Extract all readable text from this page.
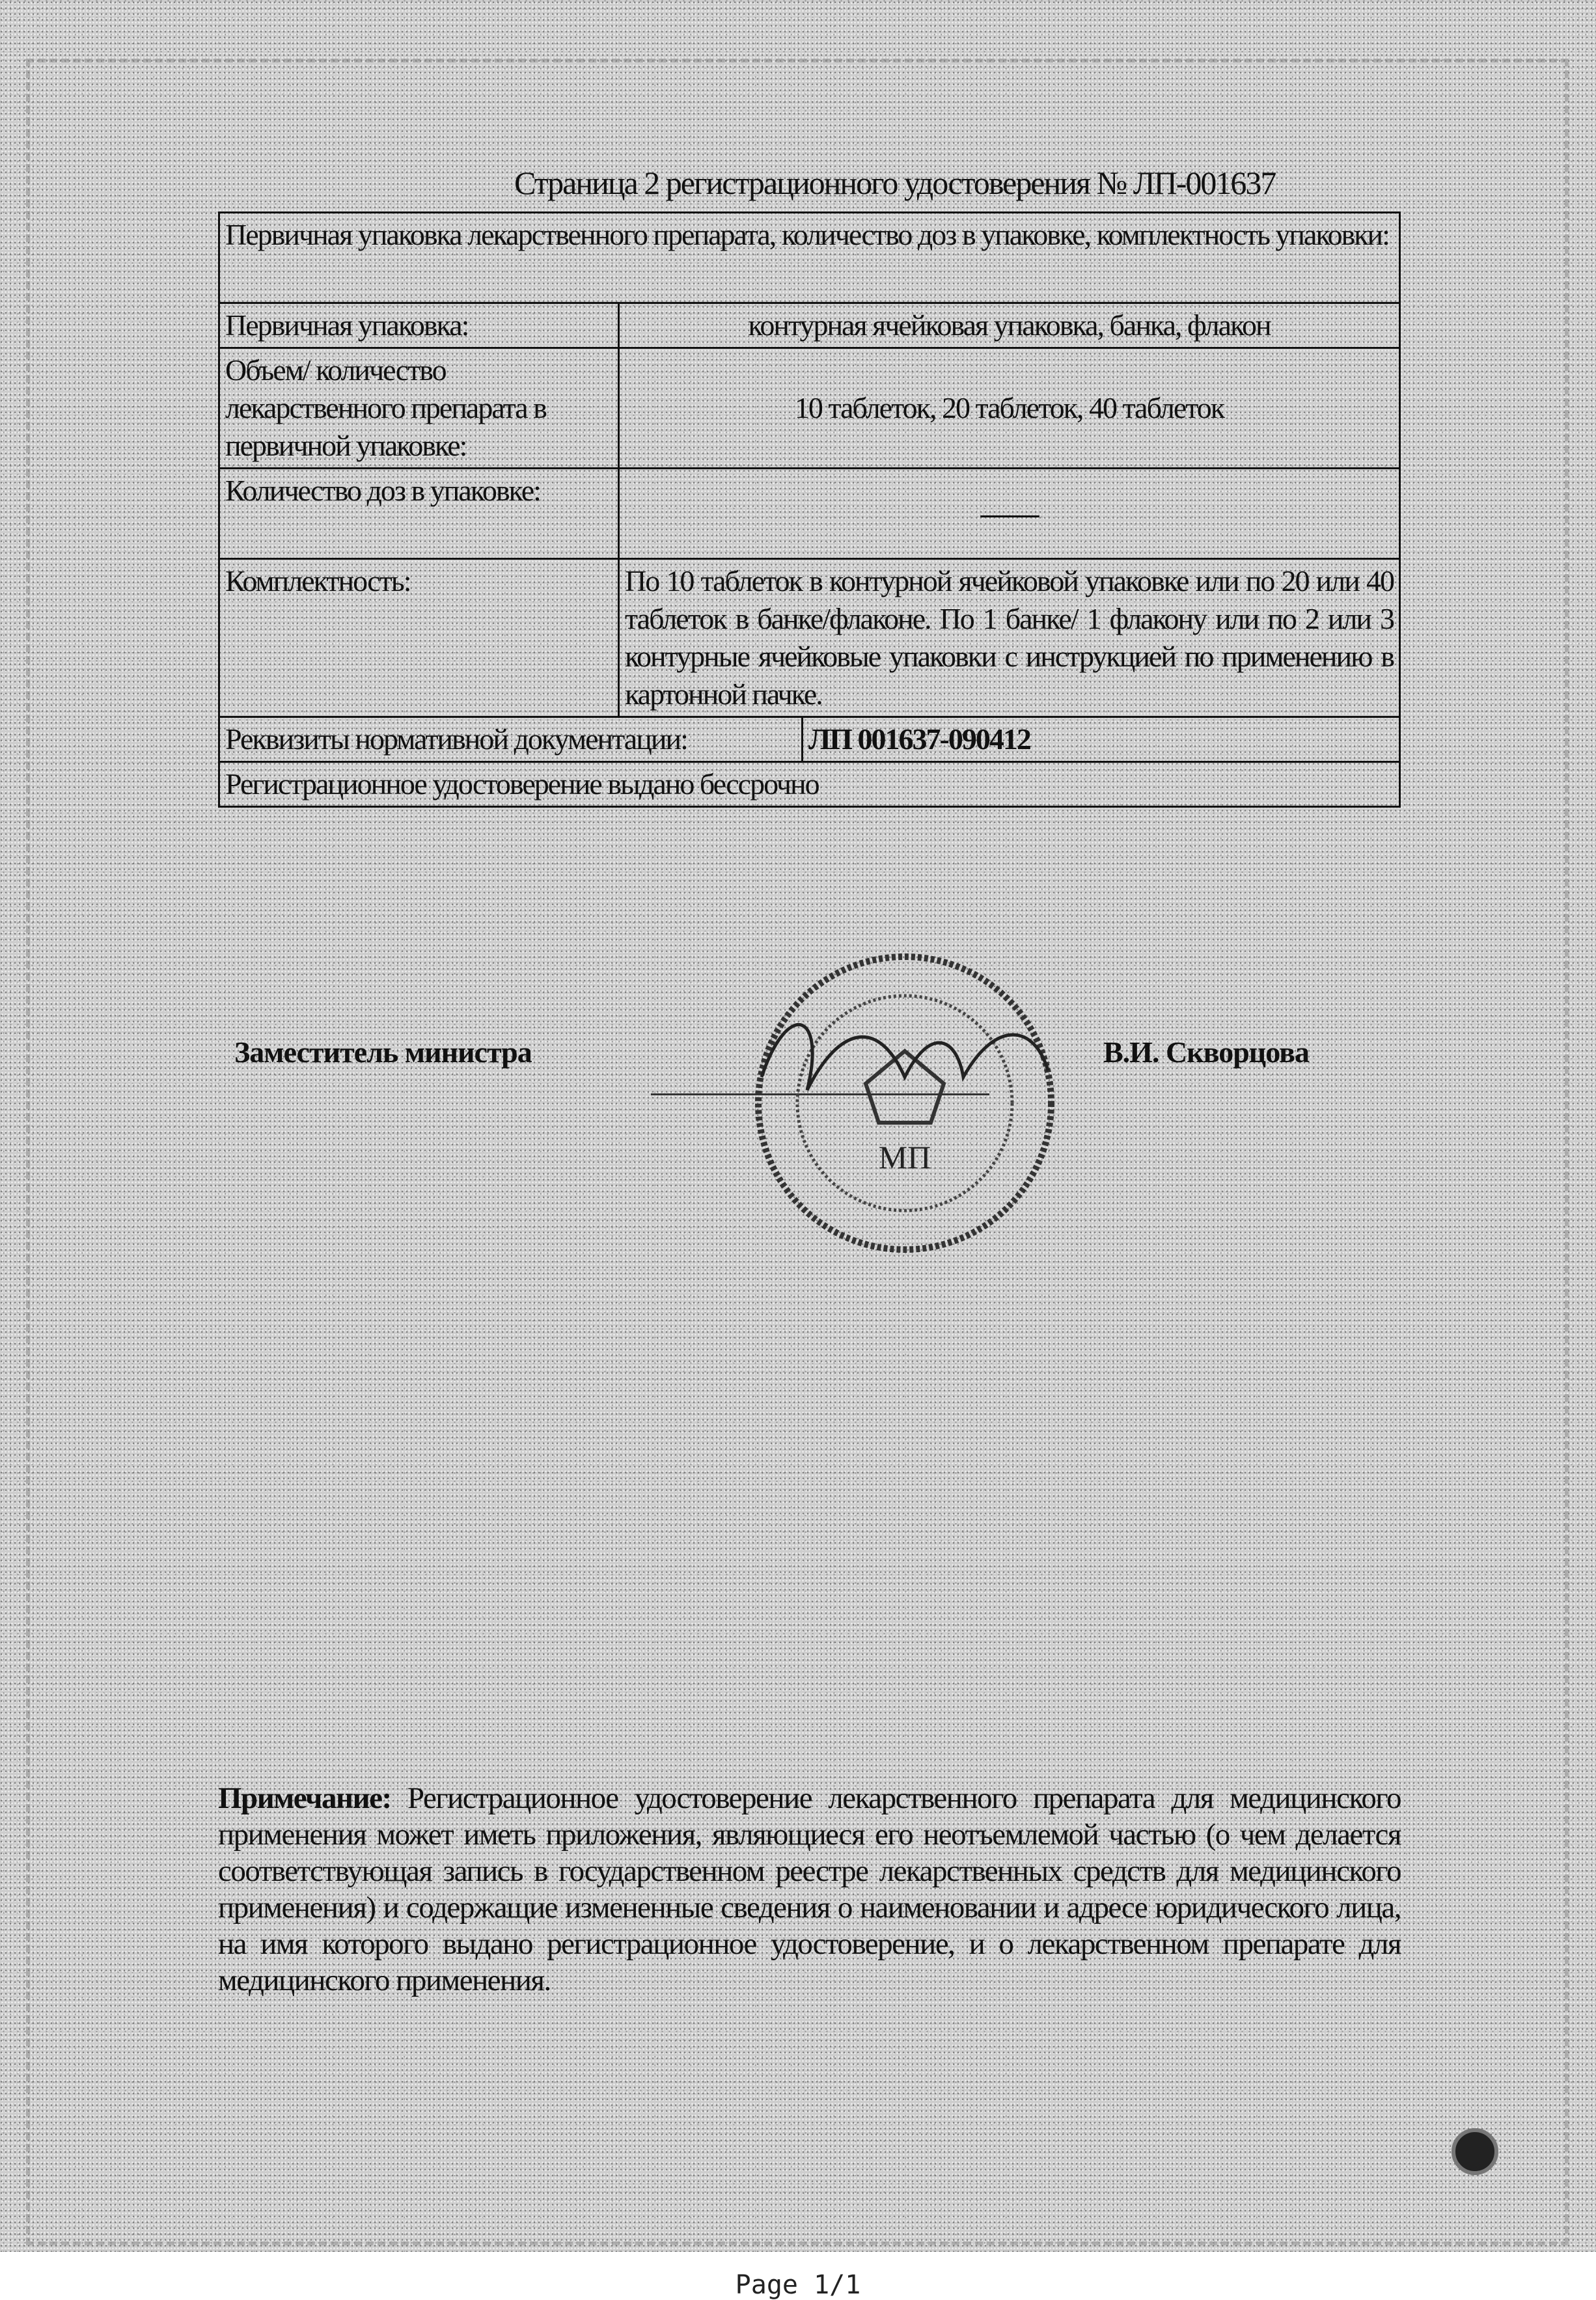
Страница 2 регистрационного удостоверения № ЛП-001637
Первичная упаковка лекарственного препарата, количество доз в упаковке, комплектность упаковки:		
Первичная упаковка:	контурная ячейковая упаковка, банка, флакон	
Объем/ количество лекарственного препарата в первичной упаковке:	10 таблеток, 20 таблеток, 40 таблеток	
Количество доз в упаковке:	——	
Комплектность:	По 10 таблеток в контурной ячейковой упаковке или по 20 или 40 таблеток в банке/флаконе. По 1 банке/ 1 флакону или по 2 или 3 контурные ячейковые упаковки с инструкцией по применению в картонной пачке.	
Реквизиты нормативной документации:		ЛП 001637-090412
Регистрационное удостоверение выдано бессрочно		
Заместитель министра
МП
В.И. Скворцова
Примечание: Регистрационное удостоверение лекарственного препарата для медицинского применения может иметь приложения, являющиеся его неотъемлемой частью (о чем делается соответствующая запись в государственном реестре лекарственных средств для медицинского применения) и содержащие измененные сведения о наименовании и адресе юридического лица, на имя которого выдано регистрационное удостоверение, и о лекарственном препарате для медицинского применения.
Page 1/1
